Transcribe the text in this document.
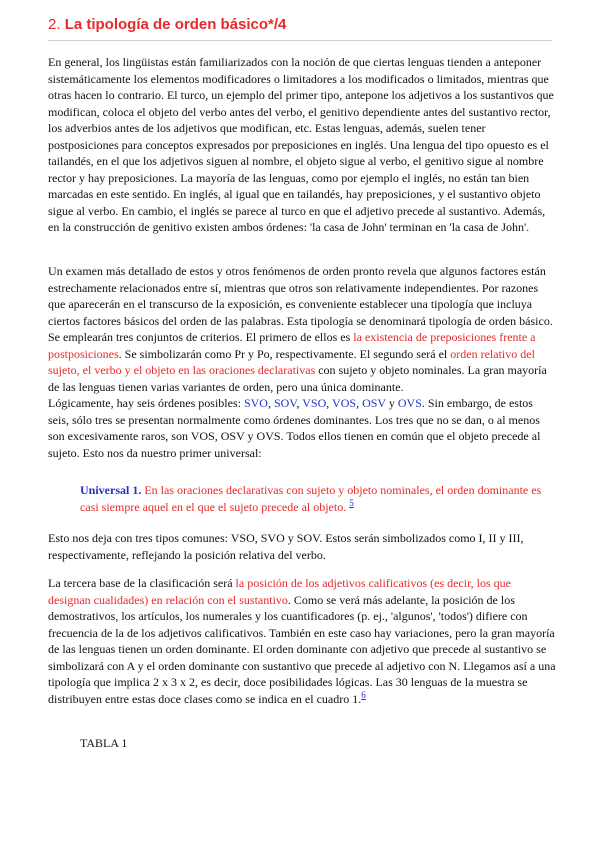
2. La tipología de orden básico*/4

En general, los lingüistas están familiarizados con la noción de que ciertas lenguas tienden a anteponer sistemáticamente los elementos modificadores o limitadores a los modificados o limitados, mientras que otras hacen lo contrario. El turco, un ejemplo del primer tipo, antepone los adjetivos a los sustantivos que modifican, coloca el objeto del verbo antes del verbo, el genitivo dependiente antes del sustantivo rector, los adverbios antes de los adjetivos que modifican, etc. Estas lenguas, además, suelen tener postposiciones para conceptos expresados por preposiciones en inglés. Una lengua del tipo opuesto es el tailandés, en el que los adjetivos siguen al nombre, el objeto sigue al verbo, el genitivo sigue al nombre rector y hay preposiciones. La mayoría de las lenguas, como por ejemplo el inglés, no están tan bien marcadas en este sentido. En inglés, al igual que en tailandés, hay preposiciones, y el sustantivo objeto sigue al verbo. En cambio, el inglés se parece al turco en que el adjetivo precede al sustantivo. Además, en la construcción de genitivo existen ambos órdenes: 'la casa de John' terminan en 'la casa de John'.

Un examen más detallado de estos y otros fenómenos de orden pronto revela que algunos factores están estrechamente relacionados entre sí, mientras que otros son relativamente independientes. Por razones que aparecerán en el transcurso de la exposición, es conveniente establecer una tipología que incluya ciertos factores básicos del orden de las palabras. Esta tipología se denominará tipología de orden básico. Se emplearán tres conjuntos de criterios. El primero de ellos es la existencia de preposiciones frente a postposiciones. Se simbolizarán como Pr y Po, respectivamente. El segundo será el orden relativo del sujeto, el verbo y el objeto en las oraciones declarativas con sujeto y objeto nominales. La gran mayoría de las lenguas tienen varias variantes de orden, pero una única dominante.
Lógicamente, hay seis órdenes posibles: SVO, SOV, VSO, VOS, OSV y OVS. Sin embargo, de estos seis, sólo tres se presentan normalmente como órdenes dominantes. Los tres que no se dan, o al menos son excesivamente raros, son VOS, OSV y OVS. Todos ellos tienen en común que el objeto precede al sujeto. Esto nos da nuestro primer universal:

Universal 1. En las oraciones declarativas con sujeto y objeto nominales, el orden dominante es casi siempre aquel en el que el sujeto precede al objeto. $^5$

Esto nos deja con tres tipos comunes: VSO, SVO y SOV. Estos serán simbolizados como I, II y III, respectivamente, reflejando la posición relativa del verbo.

La tercera base de la clasificación será la posición de los adjetivos calificativos (es decir, los que designan cualidades) en relación con el sustantivo. Como se verá más adelante, la posición de los demostrativos, los artículos, los numerales y los cuantificadores (p. ej., 'algunos', 'todos') difiere con frecuencia de la de los adjetivos calificativos. También en este caso hay variaciones, pero la gran mayoría de las lenguas tienen un orden dominante. El orden dominante con adjetivo que precede al sustantivo se simbolizará con A y el orden dominante con sustantivo que precede al adjetivo con N. Llegamos así a una tipología que implica 2 x 3 x 2, es decir, doce posibilidades lógicas. Las 30 lenguas de la muestra se distribuyen entre estas doce clases como se indica en el cuadro 1.$^6$

TABLA 1
